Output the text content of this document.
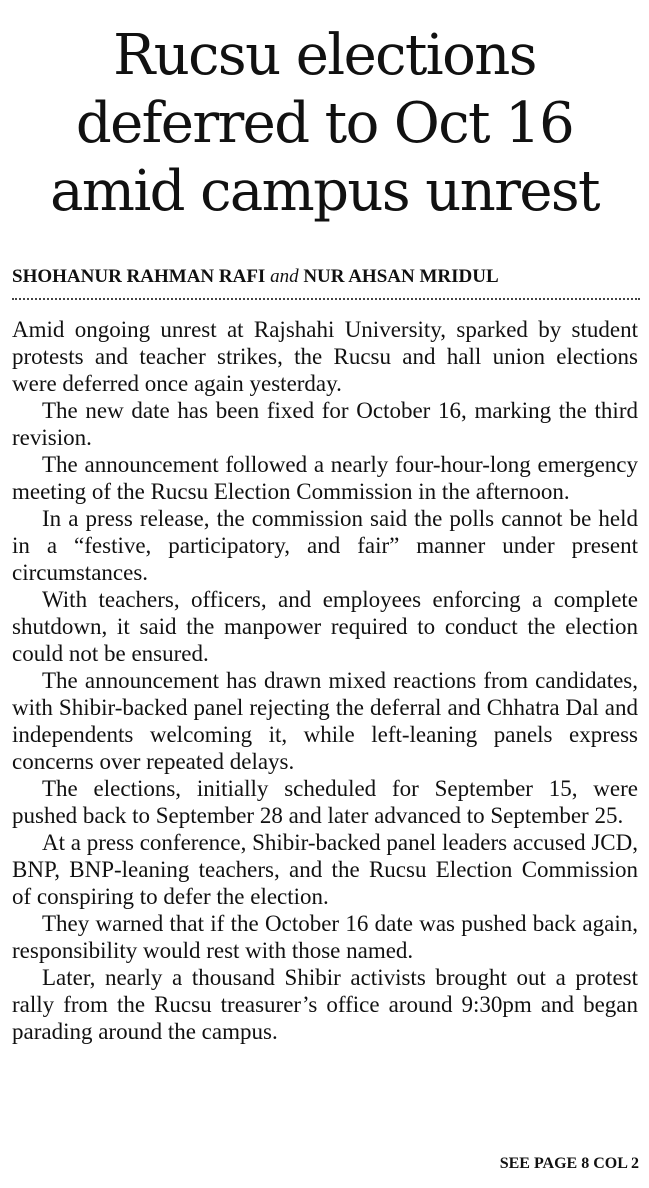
Rucsu elections
deferred to Oct 16
amid campus unrest
SHOHANUR RAHMAN RAFI and NUR AHSAN MRIDUL

Amid ongoing unrest at Rajshahi University, sparked by student protests and teacher strikes, the Rucsu and hall union elections were deferred once again yesterday.

The new date has been fixed for October 16, marking the third revision.

The announcement followed a nearly four-hour-long emergency meeting of the Rucsu Election Commission in the afternoon.

In a press release, the commission said the polls cannot be held in a “festive, participatory, and fair” manner under present circumstances.

With teachers, officers, and employees enforcing a complete shutdown, it said the manpower required to conduct the election could not be ensured.

The announcement has drawn mixed reactions from candidates, with Shibir-backed panel rejecting the deferral and Chhatra Dal and independents welcoming it, while left-leaning panels express concerns over repeated delays.

The elections, initially scheduled for September 15, were pushed back to September 28 and later advanced to September 25.

At a press conference, Shibir-backed panel leaders accused JCD, BNP, BNP-leaning teachers, and the Rucsu Election Commission of conspiring to defer the election.

They warned that if the October 16 date was pushed back again, responsibility would rest with those named.

Later, nearly a thousand Shibir activists brought out a protest rally from the Rucsu treasurer’s office around 9:30pm and began parading around the campus.

SEE PAGE 8 COL 2
